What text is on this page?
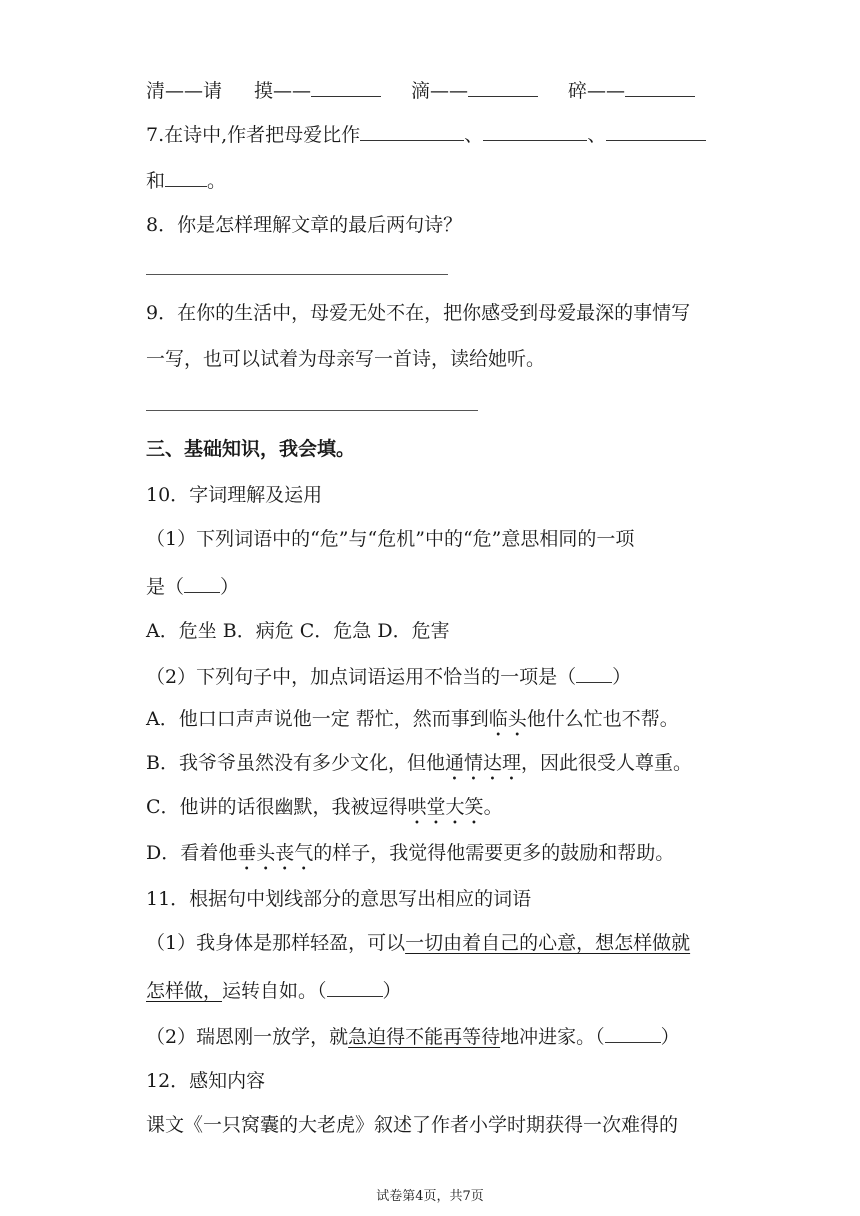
清——请 摸——	滴——	碎——
7.在诗中,作者把母爱比作	、	、
和 。
8．你是怎样理解文章的最后两句诗？
9．在你的生活中，母爱无处不在，把你感受到母爱最深的事情写
一写，也可以试着为母亲写一首诗，读给她听。
三、基础知识，我会填。
10．字词理解及运用
（1）下列词语中的“危”与“危机”中的“危”意思相同的一项
是（ ）
A．危坐 B．病危 C．危急 D．危害
（2）下列句子中，加点词语运用不恰当的一项是（ ）
A．他口口声声说他一定 帮忙，然而事到临头他什么忙也不帮。
B．我爷爷虽然没有多少文化，但他通情达理，因此很受人尊重。
C．他讲的话很幽默，我被逗得哄堂大笑。
D．看着他垂头丧气的样子，我觉得他需要更多的鼓励和帮助。
11．根据句中划线部分的意思写出相应的词语
（1）我身体是那样轻盈，可以一切由着自己的心意，想怎样做就
怎样做，运转自如。（	）
（2）瑞恩刚一放学，就急迫得不能再等待地冲进家。（	）
12．感知内容
课文《一只窝囊的大老虎》叙述了作者小学时期获得一次难得的
试卷第4页，共7页
